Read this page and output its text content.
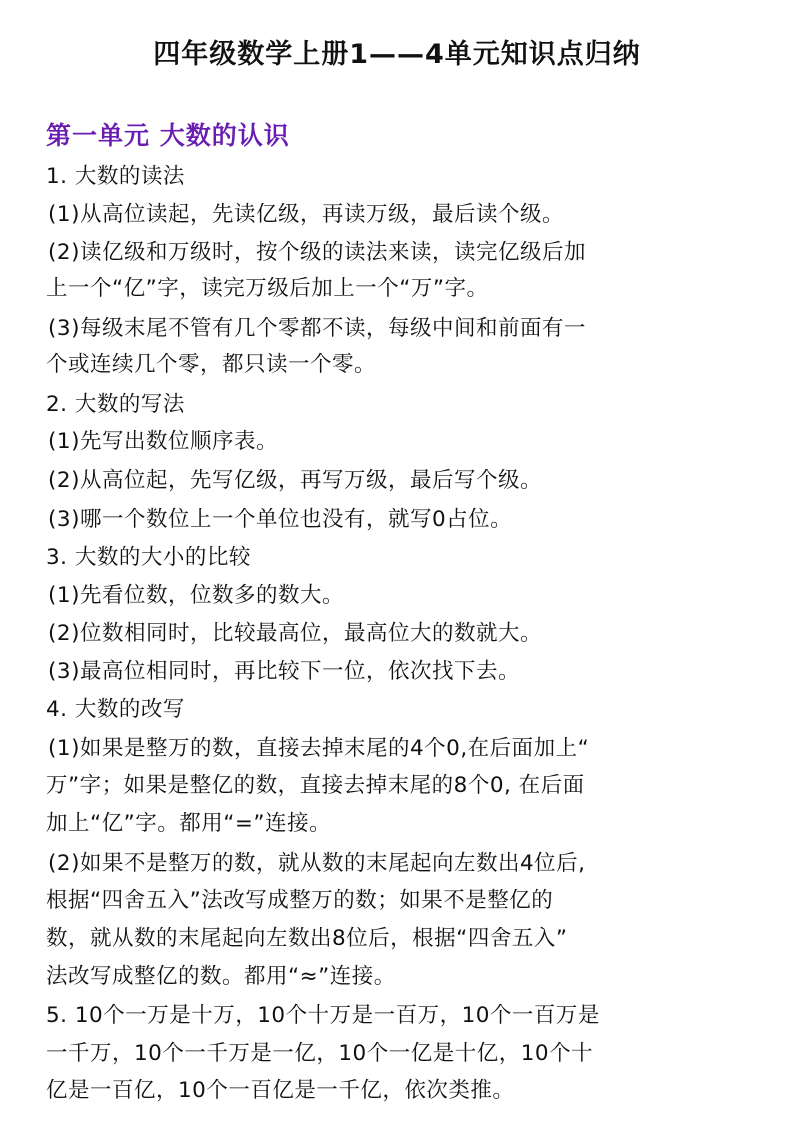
四年级数学上册1——4单元知识点归纳
第一单元 大数的认识
1. 大数的读法
(1)从高位读起，先读亿级，再读万级，最后读个级。
(2)读亿级和万级时，按个级的读法来读，读完亿级后加
上一个“亿”字，读完万级后加上一个“万”字。
(3)每级末尾不管有几个零都不读，每级中间和前面有一
个或连续几个零，都只读一个零。
2. 大数的写法
(1)先写出数位顺序表。
(2)从高位起，先写亿级，再写万级，最后写个级。
(3)哪一个数位上一个单位也没有，就写0占位。
3. 大数的大小的比较
(1)先看位数，位数多的数大。
(2)位数相同时，比较最高位，最高位大的数就大。
(3)最高位相同时，再比较下一位，依次找下去。
4. 大数的改写
(1)如果是整万的数，直接去掉末尾的4个0,在后面加上“
万”字；如果是整亿的数，直接去掉末尾的8个0, 在后面
加上“亿”字。都用“=”连接。
(2)如果不是整万的数，就从数的末尾起向左数出4位后,
根据“四舍五入”法改写成整万的数；如果不是整亿的
数，就从数的末尾起向左数出8位后，根据“四舍五入”
法改写成整亿的数。都用“≈”连接。
5. 10个一万是十万，10个十万是一百万，10个一百万是
一千万，10个一千万是一亿，10个一亿是十亿，10个十
亿是一百亿，10个一百亿是一千亿，依次类推。
